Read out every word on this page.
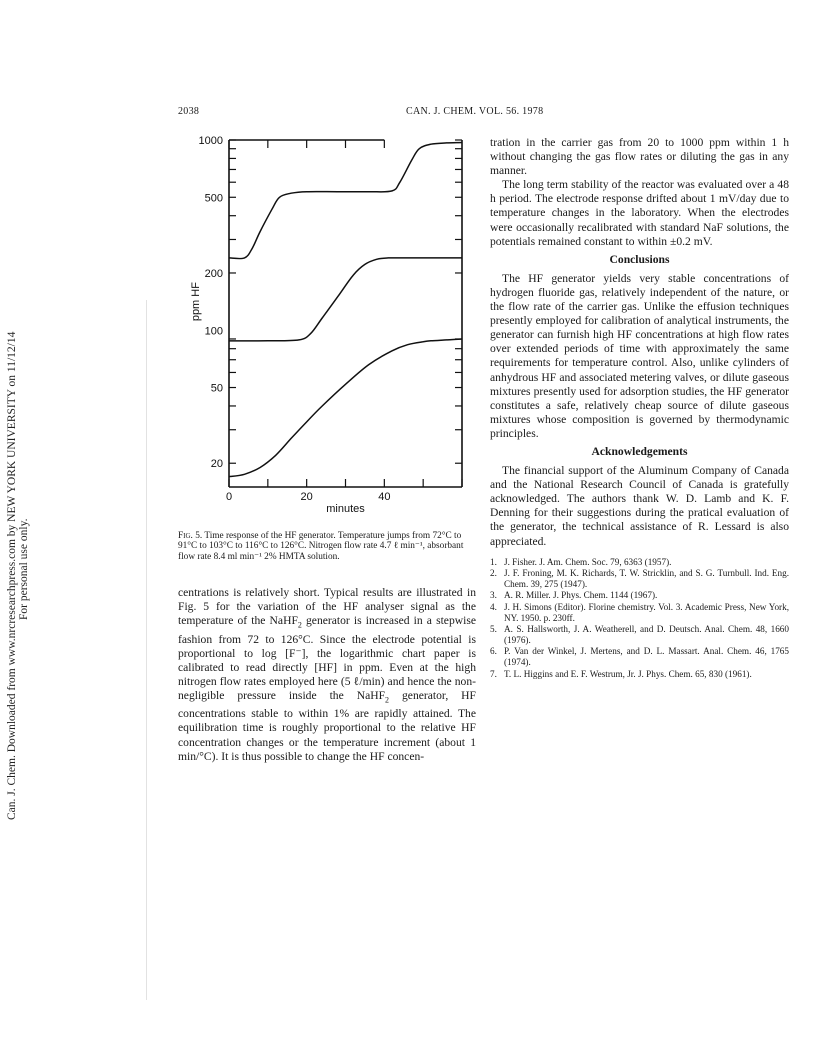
Can. J. Chem. Downloaded from www.nrcresearchpress.com by NEW YORK UNIVERSITY on 11/12/14 For personal use only.
2038	CAN. J. CHEM. VOL. 56. 1978
1000
500
200
100
50
20
0	20	40
minutes
ppm HF
Fig. 5. Time response of the HF generator. Temperature jumps from 72°C to 91°C to 103°C to 116°C to 126°C. Nitrogen flow rate 4.7 ℓ min⁻¹, absorbant flow rate 8.4 ml min⁻¹ 2% HMTA solution.

centrations is relatively short. Typical results are illustrated in Fig. 5 for the variation of the HF analyser signal as the temperature of the NaHF$_2$ generator is increased in a stepwise fashion from 72 to 126°C. Since the electrode potential is proportional to log [F⁻], the logarithmic chart paper is calibrated to read directly [HF] in ppm. Even at the high nitrogen flow rates employed here (5 ℓ/min) and hence the non-negligible pressure inside the NaHF$_2$ generator, HF concentrations stable to within 1% are rapidly attained. The equilibration time is roughly proportional to the relative HF concentration changes or the temperature increment (about 1 min/°C). It is thus possible to change the HF concen-

tration in the carrier gas from 20 to 1000 ppm within 1 h without changing the gas flow rates or diluting the gas in any manner.

The long term stability of the reactor was evaluated over a 48 h period. The electrode response drifted about 1 mV/day due to temperature changes in the laboratory. When the electrodes were occasionally recalibrated with standard NaF solutions, the potentials remained constant to within ±0.2 mV.

Conclusions

The HF generator yields very stable concentrations of hydrogen fluoride gas, relatively independent of the nature, or the flow rate of the carrier gas. Unlike the effusion techniques presently employed for calibration of analytical instruments, the generator can furnish high HF concentrations at high flow rates over extended periods of time with approximately the same requirements for temperature control. Also, unlike cylinders of anhydrous HF and associated metering valves, or dilute gaseous mixtures presently used for adsorption studies, the HF generator constitutes a safe, relatively cheap source of dilute gaseous mixtures whose composition is governed by thermodynamic principles.

Acknowledgements

The financial support of the Aluminum Company of Canada and the National Research Council of Canada is gratefully acknowledged. The authors thank W. D. Lamb and K. F. Denning for their suggestions during the pratical evaluation of the generator, the technical assistance of R. Lessard is also appreciated.

1. J. Fisher. J. Am. Chem. Soc. 79, 6363 (1957).
2. J. F. Froning, M. K. Richards, T. W. Stricklin, and S. G. Turnbull. Ind. Eng. Chem. 39, 275 (1947).
3. A. R. Miller. J. Phys. Chem. 1144 (1967).
4. J. H. Simons (Editor). Florine chemistry. Vol. 3. Academic Press, New York, NY. 1950. p. 230ff.
5. A. S. Hallsworth, J. A. Weatherell, and D. Deutsch. Anal. Chem. 48, 1660 (1976).
6. P. Van der Winkel, J. Mertens, and D. L. Massart. Anal. Chem. 46, 1765 (1974).
7. T. L. Higgins and E. F. Westrum, Jr. J. Phys. Chem. 65, 830 (1961).
